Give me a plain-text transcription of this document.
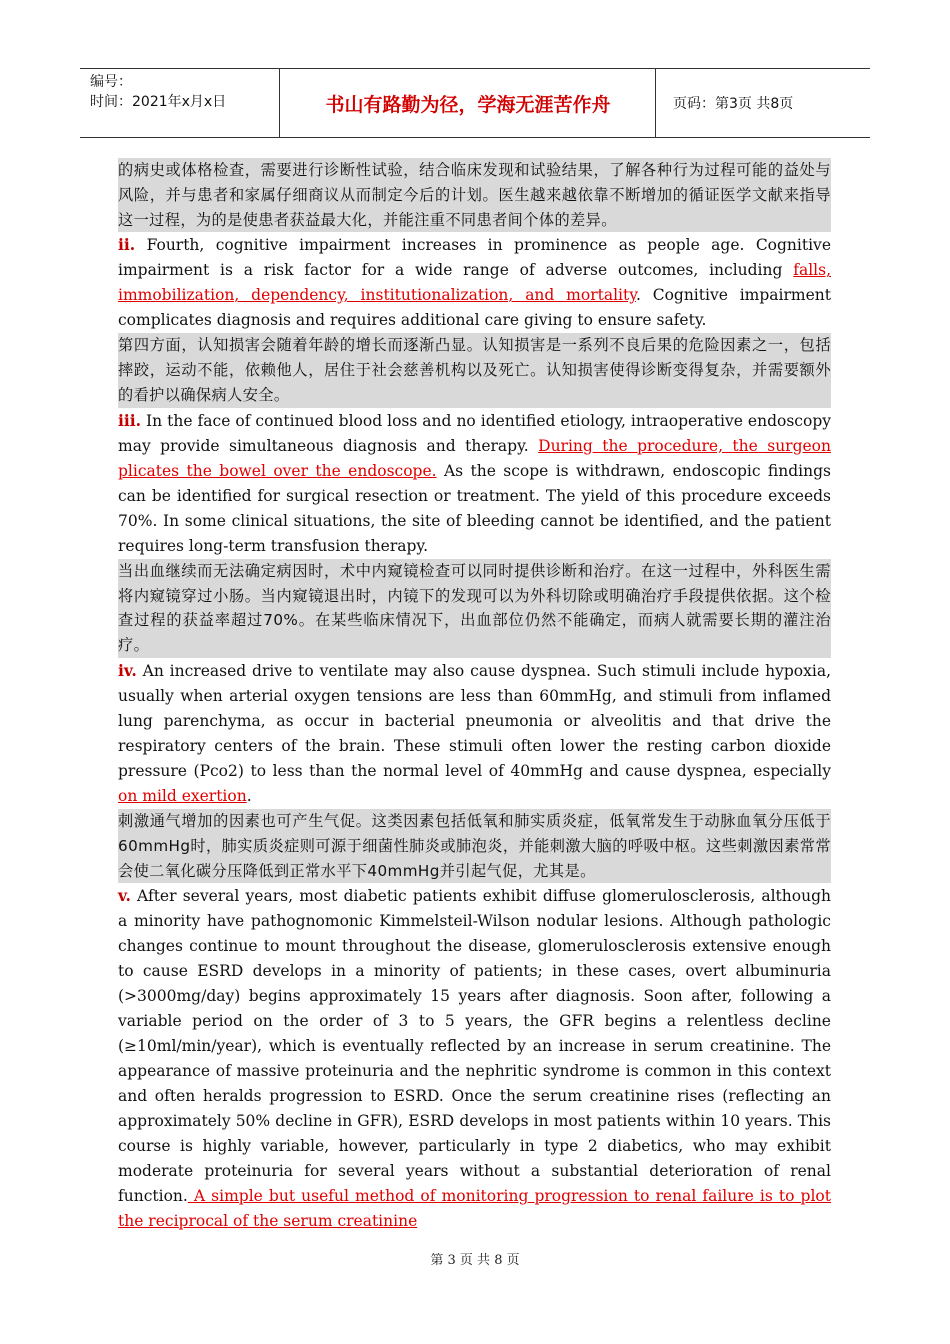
编号：
时间：2021年x月x日	书山有路勤为径，学海无涯苦作舟	页码：第3页 共8页

的病史或体格检查，需要进行诊断性试验，结合临床发现和试验结果，了解各种行为过程可能的益处与风险，并与患者和家属仔细商议从而制定今后的计划。医生越来越依靠不断增加的循证医学文献来指导这一过程，为的是使患者获益最大化，并能注重不同患者间个体的差异。

ii. Fourth, cognitive impairment increases in prominence as people age. Cognitive impairment is a risk factor for a wide range of adverse outcomes, including falls, immobilization, dependency, institutionalization, and mortality. Cognitive impairment complicates diagnosis and requires additional care giving to ensure safety.

第四方面，认知损害会随着年龄的增长而逐渐凸显。认知损害是一系列不良后果的危险因素之一，包括摔跤，运动不能，依赖他人，居住于社会慈善机构以及死亡。认知损害使得诊断变得复杂，并需要额外的看护以确保病人安全。

iii. In the face of continued blood loss and no identified etiology, intraoperative endoscopy may provide simultaneous diagnosis and therapy. During the procedure, the surgeon plicates the bowel over the endoscope. As the scope is withdrawn, endoscopic findings can be identified for surgical resection or treatment. The yield of this procedure exceeds 70%. In some clinical situations, the site of bleeding cannot be identified, and the patient requires long-term transfusion therapy.

当出血继续而无法确定病因时，术中内窥镜检查可以同时提供诊断和治疗。在这一过程中，外科医生需将内窥镜穿过小肠。当内窥镜退出时，内镜下的发现可以为外科切除或明确治疗手段提供依据。这个检查过程的获益率超过70%。在某些临床情况下，出血部位仍然不能确定，而病人就需要长期的灌注治疗。

iv. An increased drive to ventilate may also cause dyspnea. Such stimuli include hypoxia, usually when arterial oxygen tensions are less than 60mmHg, and stimuli from inflamed lung parenchyma, as occur in bacterial pneumonia or alveolitis and that drive the respiratory centers of the brain. These stimuli often lower the resting carbon dioxide pressure (Pco2) to less than the normal level of 40mmHg and cause dyspnea, especially on mild exertion.

刺激通气增加的因素也可产生气促。这类因素包括低氧和肺实质炎症，低氧常发生于动脉血氧分压低于60mmHg时，肺实质炎症则可源于细菌性肺炎或肺泡炎，并能刺激大脑的呼吸中枢。这些刺激因素常常会使二氧化碳分压降低到正常水平下40mmHg并引起气促，尤其是。

v. After several years, most diabetic patients exhibit diffuse glomerulosclerosis, although a minority have pathognomonic Kimmelsteil-Wilson nodular lesions. Although pathologic changes continue to mount throughout the disease, glomerulosclerosis extensive enough to cause ESRD develops in a minority of patients; in these cases, overt albuminuria (>3000mg/day) begins approximately 15 years after diagnosis. Soon after, following a variable period on the order of 3 to 5 years, the GFR begins a relentless decline (≥10ml/min/year), which is eventually reflected by an increase in serum creatinine. The appearance of massive proteinuria and the nephritic syndrome is common in this context and often heralds progression to ESRD. Once the serum creatinine rises (reflecting an approximately 50% decline in GFR), ESRD develops in most patients within 10 years. This course is highly variable, however, particularly in type 2 diabetics, who may exhibit moderate proteinuria for several years without a substantial deterioration of renal function. A simple but useful method of monitoring progression to renal failure is to plot the reciprocal of the serum creatinine

第 3 页 共 8 页
